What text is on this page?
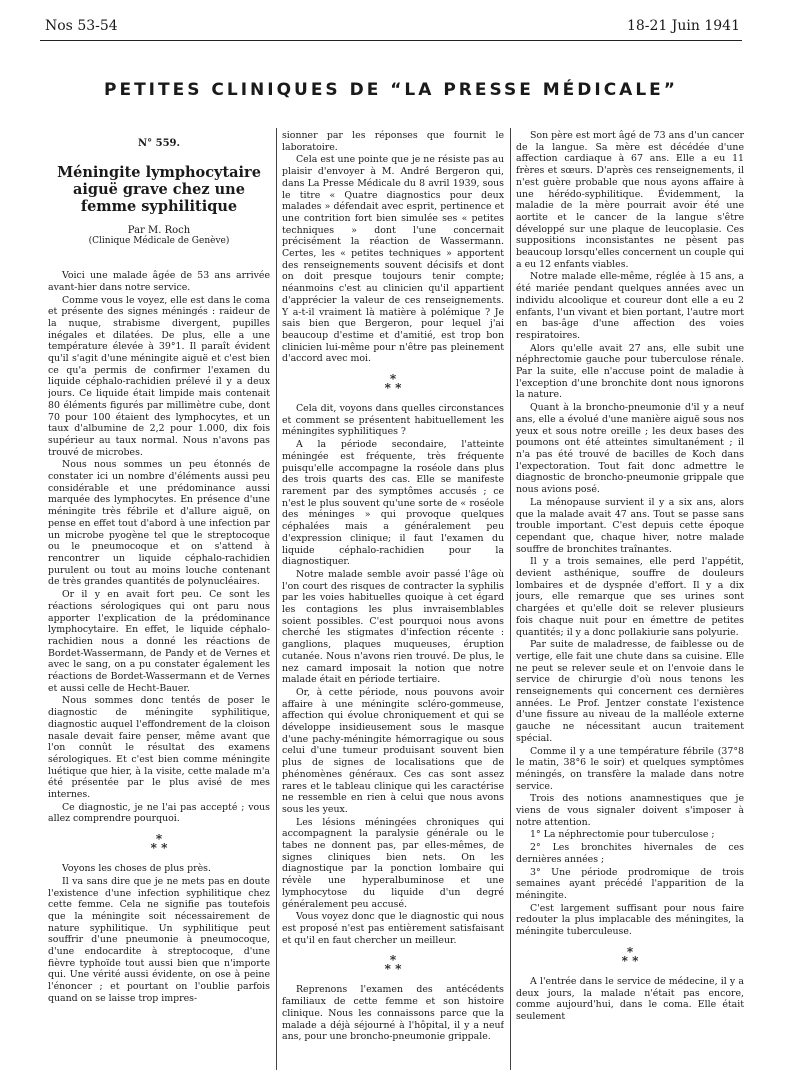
Nos 53-54	18-21 Juin 1941
PETITES CLINIQUES DE “LA PRESSE MÉDICALE”

N° 559.

Méningite lymphocytaire aiguë grave chez une femme syphilitique

Par M. Roch

(Clinique Médicale de Genève)

Voici une malade âgée de 53 ans arrivée avant-hier dans notre service.

Comme vous le voyez, elle est dans le coma et présente des signes méningés : raideur de la nuque, strabisme divergent, pupilles inégales et dilatées. De plus, elle a une température élevée à 39°1. Il paraît évident qu'il s'agit d'une méningite aiguë et c'est bien ce qu'a permis de confirmer l'examen du liquide céphalo-rachidien prélevé il y a deux jours. Ce liquide était limpide mais contenait 80 éléments figurés par millimètre cube, dont 70 pour 100 étaient des lymphocytes, et un taux d'albumine de 2,2 pour 1.000, dix fois supérieur au taux normal. Nous n'avons pas trouvé de microbes.

Nous nous sommes un peu étonnés de constater ici un nombre d'éléments aussi peu considérable et une prédominance aussi marquée des lymphocytes. En présence d'une méningite très fébrile et d'allure aiguë, on pense en effet tout d'abord à une infection par un microbe pyogène tel que le streptocoque ou le pneumocoque et on s'attend à rencontrer un liquide céphalo-rachidien purulent ou tout au moins louche contenant de très grandes quantités de polynucléaires.

Or il y en avait fort peu. Ce sont les réactions sérologiques qui ont paru nous apporter l'explication de la prédominance lymphocytaire. En effet, le liquide céphalo-rachidien nous a donné les réactions de Bordet-Wassermann, de Pandy et de Vernes et avec le sang, on a pu constater également les réactions de Bordet-Wassermann et de Vernes et aussi celle de Hecht-Bauer.

Nous sommes donc tentés de poser le diagnostic de méningite syphilitique, diagnostic auquel l'effondrement de la cloison nasale devait faire penser, même avant que l'on connût le résultat des examens sérologiques. Et c'est bien comme méningite luétique que hier, à la visite, cette malade m'a été présentée par le plus avisé de mes internes.

Ce diagnostic, je ne l'ai pas accepté ; vous allez comprendre pourquoi.

*
* *

Voyons les choses de plus près.

Il va sans dire que je ne mets pas en doute l'existence d'une infection syphilitique chez cette femme. Cela ne signifie pas toutefois que la méningite soit nécessairement de nature syphilitique. Un syphilitique peut souffrir d'une pneumonie à pneumocoque, d'une endocardite à streptocoque, d'une fièvre typhoïde tout aussi bien que n'importe qui. Une vérité aussi évidente, on ose à peine l'énoncer ; et pourtant on l'oublie parfois quand on se laisse trop impres-

sionner par les réponses que fournit le laboratoire.

Cela est une pointe que je ne résiste pas au plaisir d'envoyer à M. André Bergeron qui, dans La Presse Médicale du 8 avril 1939, sous le titre « Quatre diagnostics pour deux malades » défendait avec esprit, pertinence et une contrition fort bien simulée ses « petites techniques » dont l'une concernait précisément la réaction de Wassermann. Certes, les « petites techniques » apportent des renseignements souvent décisifs et dont on doit presque toujours tenir compte; néanmoins c'est au clinicien qu'il appartient d'apprécier la valeur de ces renseignements. Y a-t-il vraiment là matière à polémique ? Je sais bien que Bergeron, pour lequel j'ai beaucoup d'estime et d'amitié, est trop bon clinicien lui-même pour n'être pas pleinement d'accord avec moi.

*
* *

Cela dit, voyons dans quelles circonstances et comment se présentent habituellement les méningites syphilitiques ?

A la période secondaire, l'atteinte méningée est fréquente, très fréquente puisqu'elle accompagne la roséole dans plus des trois quarts des cas. Elle se manifeste rarement par des symptômes accusés ; ce n'est le plus souvent qu'une sorte de « roséole des méninges » qui provoque quelques céphalées mais a généralement peu d'expression clinique; il faut l'examen du liquide céphalo-rachidien pour la diagnostiquer.

Notre malade semble avoir passé l'âge où l'on court des risques de contracter la syphilis par les voies habituelles quoique à cet égard les contagions les plus invraisemblables soient possibles. C'est pourquoi nous avons cherché les stigmates d'infection récente : ganglions, plaques muqueuses, éruption cutanée. Nous n'avons rien trouvé. De plus, le nez camard imposait la notion que notre malade était en période tertiaire.

Or, à cette période, nous pouvons avoir affaire à une méningite scléro-gommeuse, affection qui évolue chroniquement et qui se développe insidieusement sous le masque d'une pachy-méningite hémorragique ou sous celui d'une tumeur produisant souvent bien plus de signes de localisations que de phénomènes généraux. Ces cas sont assez rares et le tableau clinique qui les caractérise ne ressemble en rien à celui que nous avons sous les yeux.

Les lésions méningées chroniques qui accompagnent la paralysie générale ou le tabes ne donnent pas, par elles-mêmes, de signes cliniques bien nets. On les diagnostique par la ponction lombaire qui révèle une hyperalbuminose et une lymphocytose du liquide d'un degré généralement peu accusé.

Vous voyez donc que le diagnostic qui nous est proposé n'est pas entièrement satisfaisant et qu'il en faut chercher un meilleur.

*
* *

Reprenons l'examen des antécédents familiaux de cette femme et son histoire clinique. Nous les connaissons parce que la malade a déjà séjourné à l'hôpital, il y a neuf ans, pour une broncho-pneumonie grippale.

Son père est mort âgé de 73 ans d'un cancer de la langue. Sa mère est décédée d'une affection cardiaque à 67 ans. Elle a eu 11 frères et sœurs. D'après ces renseignements, il n'est guère probable que nous ayons affaire à une hérédo-syphilitique. Évidemment, la maladie de la mère pourrait avoir été une aortite et le cancer de la langue s'être développé sur une plaque de leucoplasie. Ces suppositions inconsistantes ne pèsent pas beaucoup lorsqu'elles concernent un couple qui a eu 12 enfants viables.

Notre malade elle-même, réglée à 15 ans, a été mariée pendant quelques années avec un individu alcoolique et coureur dont elle a eu 2 enfants, l'un vivant et bien portant, l'autre mort en bas-âge d'une affection des voies respiratoires.

Alors qu'elle avait 27 ans, elle subit une néphrectomie gauche pour tuberculose rénale. Par la suite, elle n'accuse point de maladie à l'exception d'une bronchite dont nous ignorons la nature.

Quant à la broncho-pneumonie d'il y a neuf ans, elle a évolué d'une manière aiguë sous nos yeux et sous notre oreille ; les deux bases des poumons ont été atteintes simultanément ; il n'a pas été trouvé de bacilles de Koch dans l'expectoration. Tout fait donc admettre le diagnostic de broncho-pneumonie grippale que nous avions posé.

La ménopause survient il y a six ans, alors que la malade avait 47 ans. Tout se passe sans trouble important. C'est depuis cette époque cependant que, chaque hiver, notre malade souffre de bronchites traînantes.

Il y a trois semaines, elle perd l'appétit, devient asthénique, souffre de douleurs lombaires et de dyspnée d'effort. Il y a dix jours, elle remarque que ses urines sont chargées et qu'elle doit se relever plusieurs fois chaque nuit pour en émettre de petites quantités; il y a donc pollakiurie sans polyurie.

Par suite de maladresse, de faiblesse ou de vertige, elle fait une chute dans sa cuisine. Elle ne peut se relever seule et on l'envoie dans le service de chirurgie d'où nous tenons les renseignements qui concernent ces dernières années. Le Prof. Jentzer constate l'existence d'une fissure au niveau de la malléole externe gauche ne nécessitant aucun traitement spécial.

Comme il y a une température fébrile (37°8 le matin, 38°6 le soir) et quelques symptômes méningés, on transfère la malade dans notre service.

Trois des notions anamnestiques que je viens de vous signaler doivent s'imposer à notre attention.

1° La néphrectomie pour tuberculose ;

2° Les bronchites hivernales de ces dernières années ;

3° Une période prodromique de trois semaines ayant précédé l'apparition de la méningite.

C'est largement suffisant pour nous faire redouter la plus implacable des méningites, la méningite tuberculeuse.

*
* *

A l'entrée dans le service de médecine, il y a deux jours, la malade n'était pas encore, comme aujourd'hui, dans le coma. Elle était seulement
